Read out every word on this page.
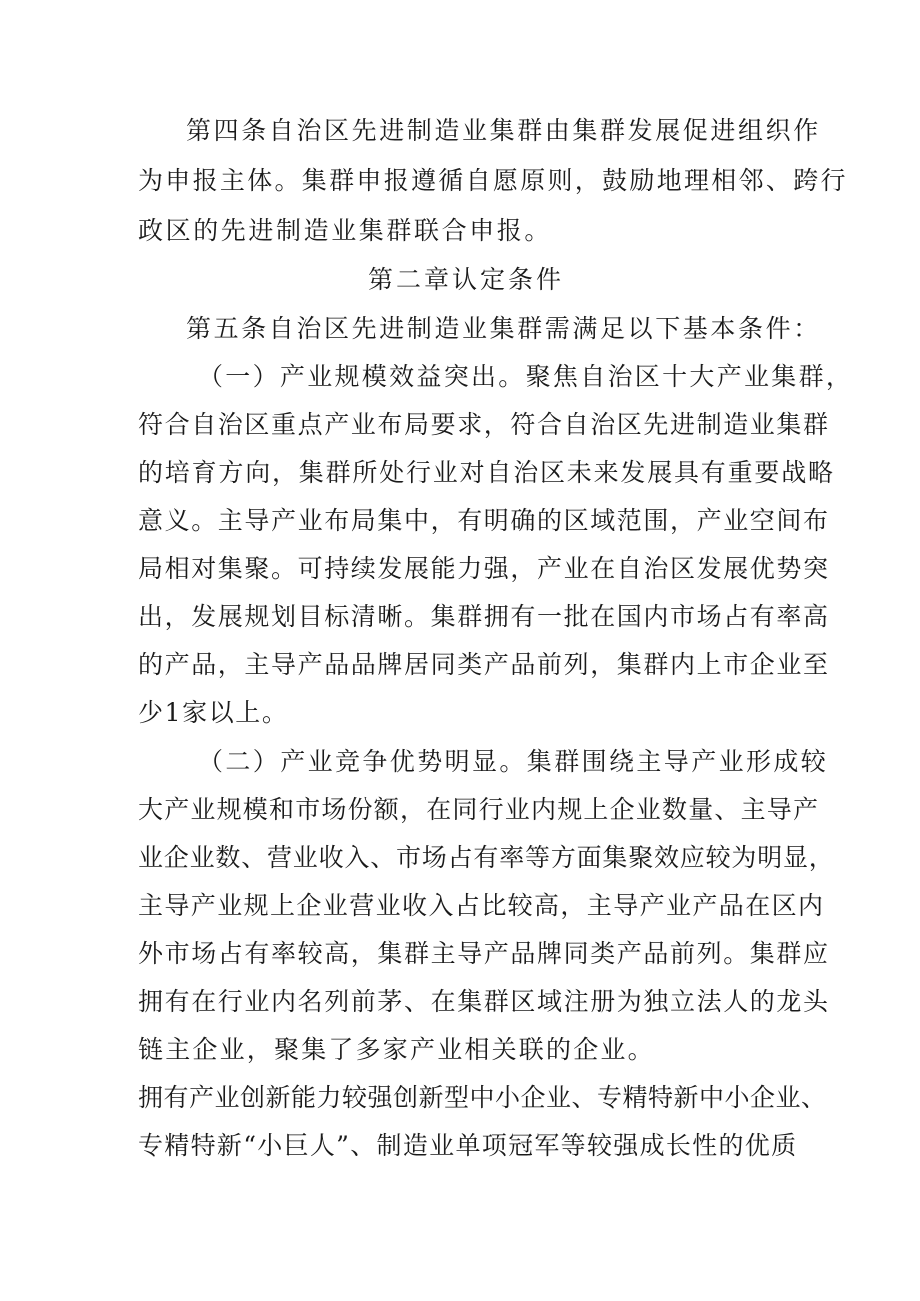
第四条自治区先进制造业集群由集群发展促进组织作
为申报主体。集群申报遵循自愿原则，鼓励地理相邻、跨行
政区的先进制造业集群联合申报。
第二章认定条件
第五条自治区先进制造业集群需满足以下基本条件：
（一）产业规模效益突出。聚焦自治区十大产业集群，
符合自治区重点产业布局要求，符合自治区先进制造业集群
的培育方向，集群所处行业对自治区未来发展具有重要战略
意义。主导产业布局集中，有明确的区域范围，产业空间布
局相对集聚。可持续发展能力强，产业在自治区发展优势突
出，发展规划目标清晰。集群拥有一批在国内市场占有率高
的产品，主导产品品牌居同类产品前列，集群内上市企业至
少1家以上。
（二）产业竞争优势明显。集群围绕主导产业形成较
大产业规模和市场份额，在同行业内规上企业数量、主导产
业企业数、营业收入、市场占有率等方面集聚效应较为明显，
主导产业规上企业营业收入占比较高，主导产业产品在区内
外市场占有率较高，集群主导产品牌同类产品前列。集群应
拥有在行业内名列前茅、在集群区域注册为独立法人的龙头
链主企业，聚集了多家产业相关联的企业。
拥有产业创新能力较强创新型中小企业、专精特新中小企业、
专精特新“小巨人”、制造业单项冠军等较强成长性的优质
